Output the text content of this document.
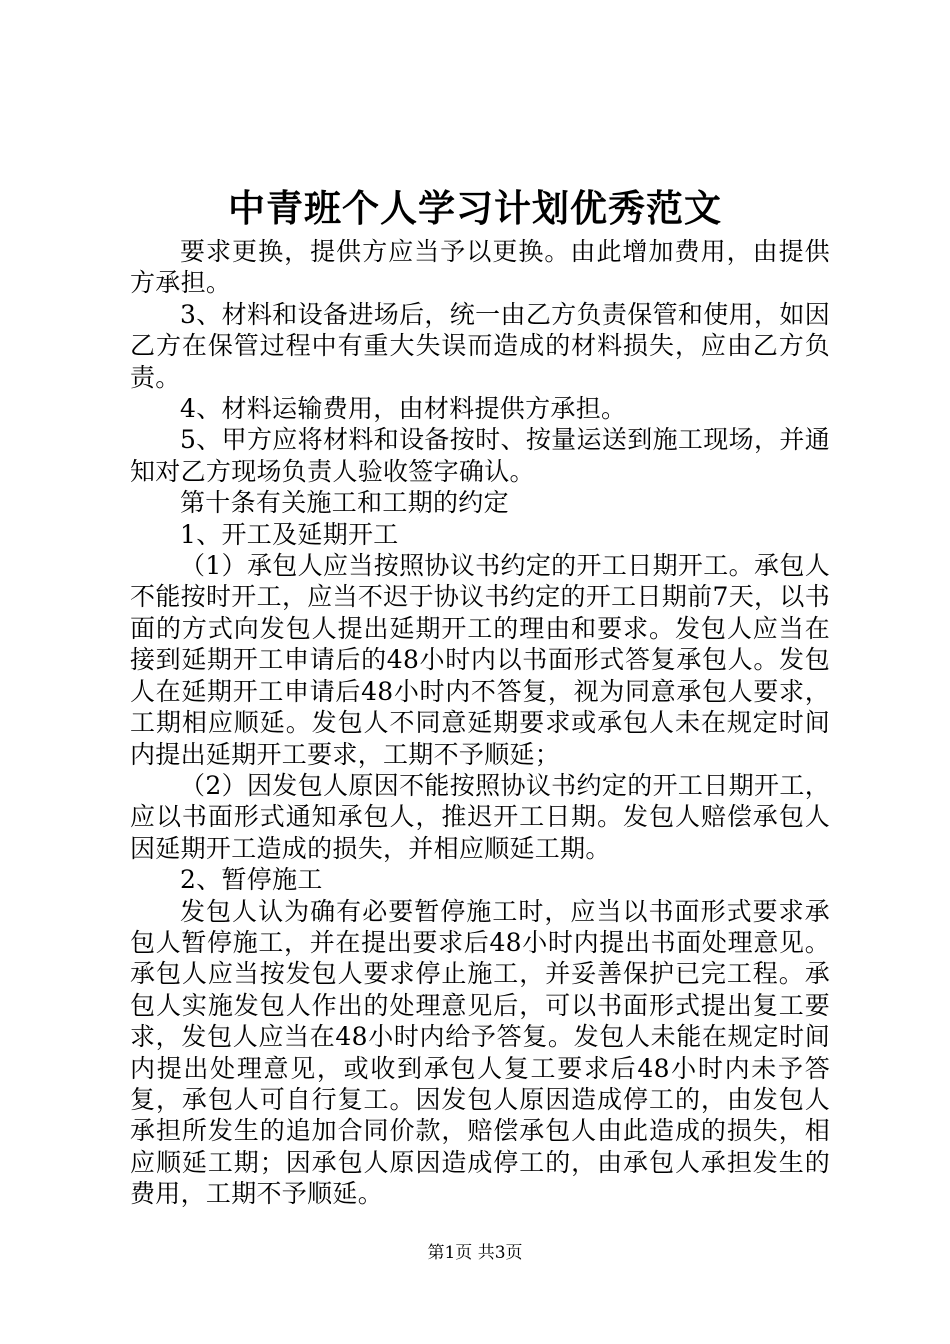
中青班个人学习计划优秀范文

要求更换，提供方应当予以更换。由此增加费用，由提供方承担。

3、材料和设备进场后，统一由乙方负责保管和使用，如因乙方在保管过程中有重大失误而造成的材料损失，应由乙方负责。

4、材料运输费用，由材料提供方承担。

5、甲方应将材料和设备按时、按量运送到施工现场，并通知对乙方现场负责人验收签字确认。

第十条有关施工和工期的约定

1、开工及延期开工

（1）承包人应当按照协议书约定的开工日期开工。承包人不能按时开工，应当不迟于协议书约定的开工日期前7天，以书面的方式向发包人提出延期开工的理由和要求。发包人应当在接到延期开工申请后的48小时内以书面形式答复承包人。发包人在延期开工申请后48小时内不答复，视为同意承包人要求，工期相应顺延。发包人不同意延期要求或承包人未在规定时间内提出延期开工要求，工期不予顺延；

（2）因发包人原因不能按照协议书约定的开工日期开工，应以书面形式通知承包人，推迟开工日期。发包人赔偿承包人因延期开工造成的损失，并相应顺延工期。

2、暂停施工

发包人认为确有必要暂停施工时，应当以书面形式要求承包人暂停施工，并在提出要求后48小时内提出书面处理意见。承包人应当按发包人要求停止施工，并妥善保护已完工程。承包人实施发包人作出的处理意见后，可以书面形式提出复工要求，发包人应当在48小时内给予答复。发包人未能在规定时间内提出处理意见，或收到承包人复工要求后48小时内未予答复，承包人可自行复工。因发包人原因造成停工的，由发包人承担所发生的追加合同价款，赔偿承包人由此造成的损失，相应顺延工期；因承包人原因造成停工的，由承包人承担发生的费用，工期不予顺延。

第1页 共3页
